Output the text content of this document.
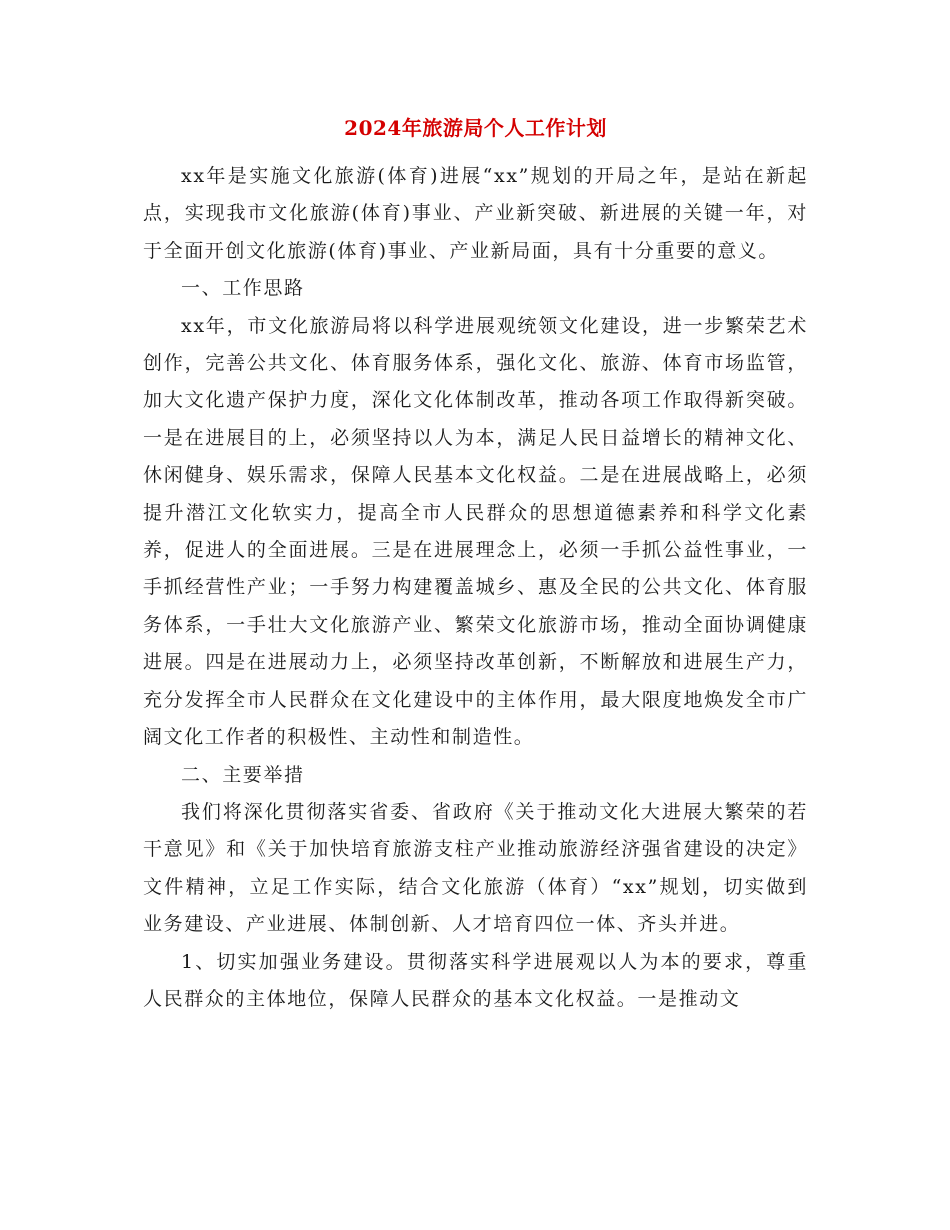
2024年旅游局个人工作计划

xx年是实施文化旅游(体育)进展“xx”规划的开局之年，是站在新起点，实现我市文化旅游(体育)事业、产业新突破、新进展的关键一年，对于全面开创文化旅游(体育)事业、产业新局面，具有十分重要的意义。

一、工作思路

xx年，市文化旅游局将以科学进展观统领文化建设，进一步繁荣艺术创作，完善公共文化、体育服务体系，强化文化、旅游、体育市场监管，加大文化遗产保护力度，深化文化体制改革，推动各项工作取得新突破。一是在进展目的上，必须坚持以人为本，满足人民日益增长的精神文化、休闲健身、娱乐需求，保障人民基本文化权益。二是在进展战略上，必须提升潜江文化软实力，提高全市人民群众的思想道德素养和科学文化素养，促进人的全面进展。三是在进展理念上，必须一手抓公益性事业，一手抓经营性产业；一手努力构建覆盖城乡、惠及全民的公共文化、体育服务体系，一手壮大文化旅游产业、繁荣文化旅游市场，推动全面协调健康进展。四是在进展动力上，必须坚持改革创新，不断解放和进展生产力，充分发挥全市人民群众在文化建设中的主体作用，最大限度地焕发全市广阔文化工作者的积极性、主动性和制造性。

二、主要举措

我们将深化贯彻落实省委、省政府《关于推动文化大进展大繁荣的若干意见》和《关于加快培育旅游支柱产业推动旅游经济强省建设的决定》文件精神，立足工作实际，结合文化旅游（体育）“xx”规划，切实做到业务建设、产业进展、体制创新、人才培育四位一体、齐头并进。

1、切实加强业务建设。贯彻落实科学进展观以人为本的要求，尊重人民群众的主体地位，保障人民群众的基本文化权益。一是推动文
